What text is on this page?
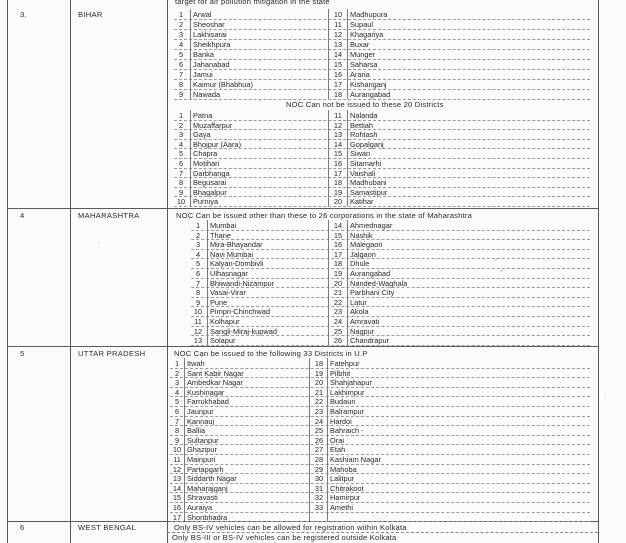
target for air pollution mitigation in the state
3.	BIHAR	1	Arwal	10	Madhupura
2	Sheoshar	11	Supaul
3	Lakhisarai	12	Khagariya
4	Sheikhpura	13	Buxar
5	Banka	14	Munger
6	Jahanabad	15	Saharsa
7	Jamui	16	Araria
8	Kaimur (Bhabhua)	17	Kishanganj
9	Nawada	18	Aurangabad
NOC Can not be issued to these 20 Districts
1	Patna	11	Nalanda
2	Muzaffarpur	12	Bettiah
3	Gaya	13	Rohtash
4	Bhojpur (Aara)	14	Gopalganj
5	Chapra	15	Siwan
6	Motihari	16	Sitamarhi
7	Darbhanga	17	Vaishali
8	Begusarai	18	Madhubani
9	Bhagalpur	19	Samastipur
10	Purniya	20	Katihar
4	MAHARASHTRA	NOC Can be issued other than these to 26 corporations in the state of Maharashtra
1	Mumbai	14	Ahmednagar
2	Thane	15	Nashik
3	Mira-Bhayandar	16	Malegaon
4	Navi Mumbai	17	Jalgaon
5	Kalyan-Dombivli	18	Dhule
6	Ulhasnagar	19	Aurangabad
7	Bhiwandi-Nizampur	20	Nanded-Waghala
8	Vasai-Virar	21	Parbhani City
9	Pune	22	Latur
10	Pimpri-Chinchwad	23	Akola
11	Kolhapur	24	Amravati
12	Sangli-Miraj-kupwad	25	Nagpur
13	Solapur	26	Chandrapur
5	UTTAR PRADESH	NOC Can be issued to the following 33 Districts in U.P
1	Itwah	18 Fatehpur
2	Sant Kabir Nagar	19 Pilbhit
3	Ambedkar Nagar	20 Shahjahapur
4	Kushinagar	21 Lakhimpur
5	Farrukhabad	22 Budaun
6	Jaunpur	23 Balrampur
7	Kannauj	24 Hardoi
8	Ballia	25 Bahraich -
9	Sultanpur	26 Orai
10 Ghazipur	27 Etah
11 Mainpuri	28 Kashiam Nagar
12 Partapgarh	29 Mahoba
13 Siddarth Nagar	30 Lalitpur
14 Maharajganj	31 Chitrakoot
15 Shravasti	32 Hamirpur
16 Auraiya	33 Amethi
17 Shonbhadra
6	WEST BENGAL	Only BS-IV vehicles can be allowed for registration within Kolkata
Only BS-III or BS-IV vehicles can be registered outside Kolkata
~
~
.
·
